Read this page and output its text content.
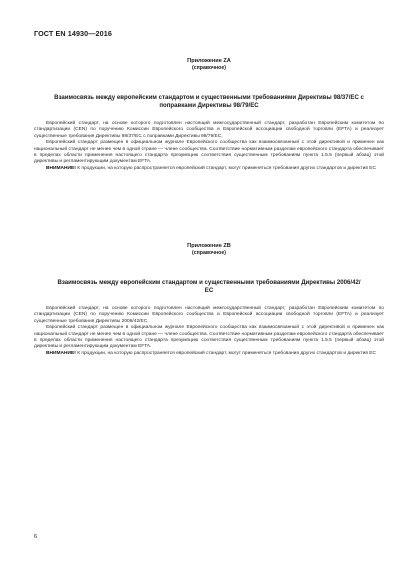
ГОСТ EN 14930—2016
Приложение ZA
(справочное)
Взаимосвязь между европейским стандартом и существенными требованиями Директивы 98/37/ЕС с поправками Директивы 98/79/ЕС

Европейский стандарт, на основе которого подготовлен настоящий межгосударственный стандарт, разработан Европейским комитетом по стандартизации (CEN) по поручению Комиссии Европейского сообщества и Европейской ассоциации свободной торговли (EFTA) и реализует существенные требования Директивы 98/37/ЕС с поправками Директивы 98/79/ЕС.

Европейский стандарт размещен в официальном журнале Европейского сообщества как взаимосвязанный с этой директивой и применен как национальный стандарт не менее чем в одной стране — члене сообщества. Соответствие нормативным разделам европейского стандарта обеспечивает в пределах области применения настоящего стандарта презумпцию соответствия существенным требованиям пункта 1.5.5 (первый абзац) этой директивы и регламентирующим документам EFTA.

ВНИМАНИЕ! К продукции, на которую распространяется европейский стандарт, могут применяться требования других стандартов и директив ЕС

Приложение ZB
(справочное)
Взаимосвязь между европейским стандартом и существенными требованиями Директивы 2006/42/ЕС

Европейский стандарт, на основе которого подготовлен настоящий межгосударственный стандарт, разработан Европейским комитетом по стандартизации (CEN) по поручению Комиссии Европейского сообщества и Европейской ассоциации свободной торговли (EFTA) и реализует существенные требования Директивы 2006/42/ЕС.

Европейский стандарт размещен в официальном журнале Европейского сообщества как взаимосвязанный с этой директивой и применен как национальный стандарт не менее чем в одной стране — члене сообщества. Соответствие нормативным разделам европейского стандарта обеспечивает в пределах области применения настоящего стандарта презумпцию соответствия существенным требованиям пункта 1.5.5 (первый абзац) этой директивы и регламентирующим документам EFTA.

ВНИМАНИЕ! К продукции, на которую распространяется европейский стандарт, могут применяться требования других стандартов и директив ЕС

6
